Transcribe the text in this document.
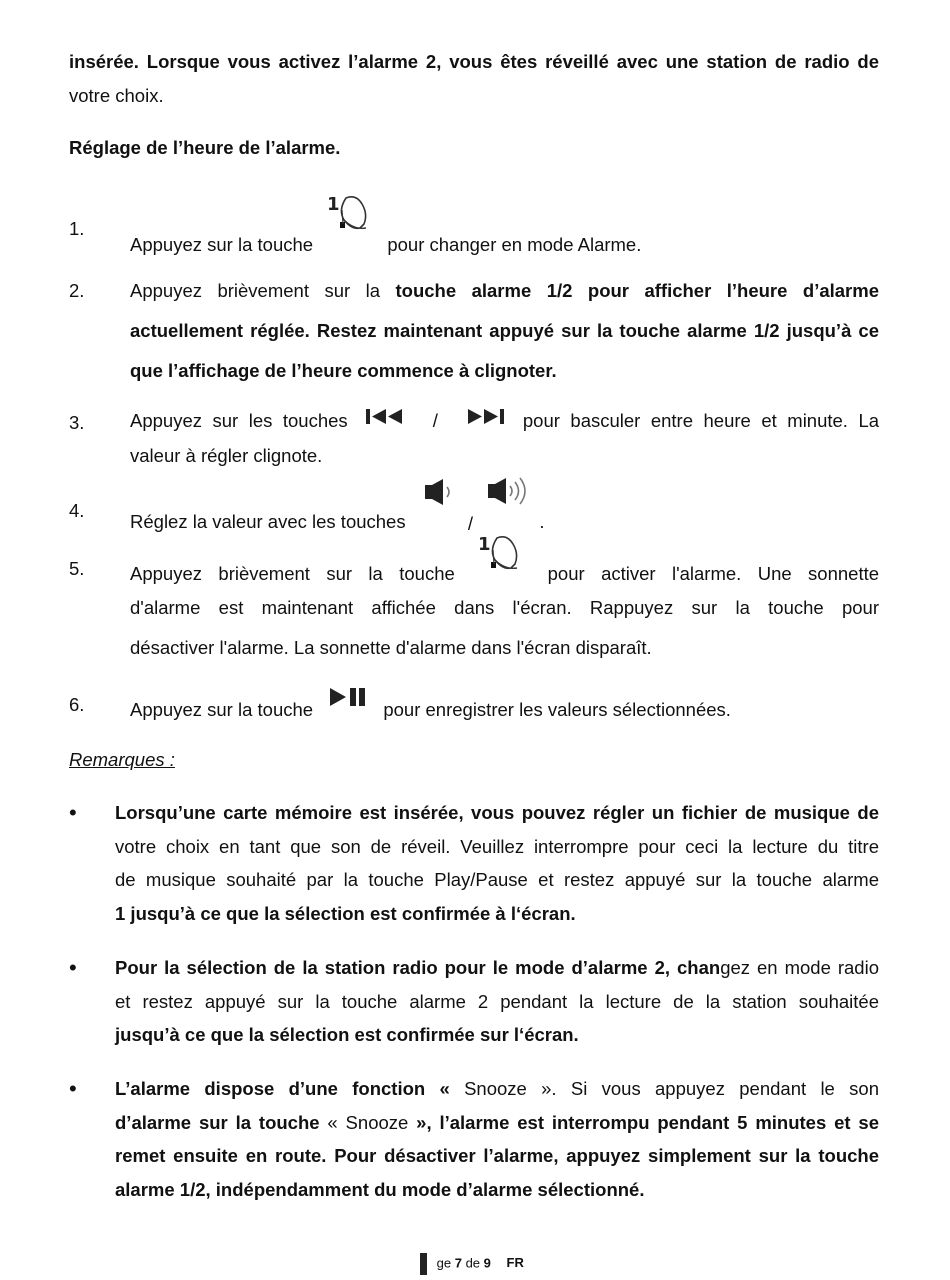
insérée. Lorsque vous activez l’alarme 2, vous êtes réveillé avec une station de radio de
votre choix.
Réglage de l’heure de l’alarme.
1.
Appuyez sur la touche
1
pour changer en mode Alarme.
2. Appuyez brièvement sur la touche alarme 1/2 pour afficher l’heure d’alarme
actuellement réglée. Restez maintenant appuyé sur la touche alarme 1/2 jusqu’à ce
que l’affichage de l’heure commence à clignoter.
3. Appuyez sur les touches	/	pour basculer entre heure et minute. La
valeur à régler clignote.
4.
Réglez la valeur avec les touches	/	.
5. Appuyez brièvement sur la touche
1
pour activer l'alarme. Une sonnette
d'alarme est maintenant affichée dans l'écran. Rappuyez sur la touche pour
désactiver l'alarme. La sonnette d'alarme dans l'écran disparaît.
6. Appuyez sur la touche	pour enregistrer les valeurs sélectionnées.
Remarques :
• Lorsqu’une carte mémoire est insérée, vous pouvez régler un fichier de musique de
votre choix en tant que son de réveil. Veuillez interrompre pour ceci la lecture du titre
de musique souhaité par la touche Play/Pause et restez appuyé sur la touche alarme
1 jusqu’à ce que la sélection est confirmée à l‘écran.
• Pour la sélection de la station radio pour le mode d’alarme 2, changez en mode radio
et restez appuyé sur la touche alarme 2 pendant la lecture de la station souhaitée
jusqu’à ce que la sélection est confirmée sur l‘écran.
• L’alarme dispose d’une fonction « Snooze ». Si vous appuyez pendant le son
d’alarme sur la touche « Snooze », l’alarme est interrompu pendant 5 minutes et se
remet ensuite en route. Pour désactiver l’alarme, appuyez simplement sur la touche
alarme 1/2, indépendamment du mode d’alarme sélectionné.
ge 7 de 9 FR
